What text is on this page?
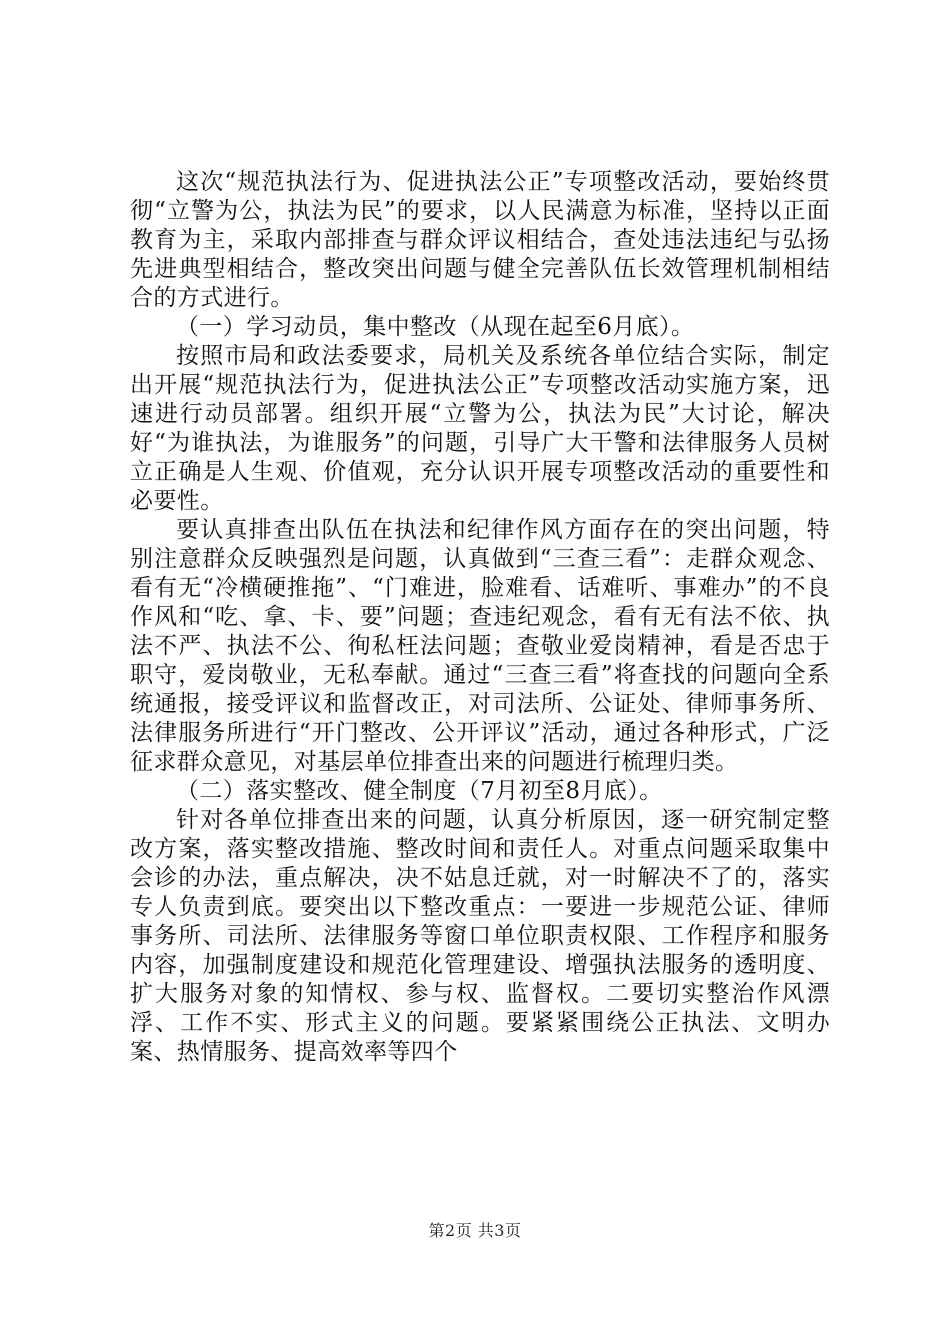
这次“规范执法行为、促进执法公正”专项整改活动，要始终贯彻“立警为公，执法为民”的要求，以人民满意为标准，坚持以正面教育为主，采取内部排查与群众评议相结合，查处违法违纪与弘扬先进典型相结合，整改突出问题与健全完善队伍长效管理机制相结合的方式进行。

（一）学习动员，集中整改（从现在起至6月底）。

按照市局和政法委要求，局机关及系统各单位结合实际，制定出开展“规范执法行为，促进执法公正”专项整改活动实施方案，迅速进行动员部署。组织开展“立警为公，执法为民”大讨论，解决好“为谁执法，为谁服务”的问题，引导广大干警和法律服务人员树立正确是人生观、价值观，充分认识开展专项整改活动的重要性和必要性。

要认真排查出队伍在执法和纪律作风方面存在的突出问题，特别注意群众反映强烈是问题，认真做到“三查三看”：走群众观念、看有无“冷横硬推拖”、“门难进，脸难看、话难听、事难办”的不良作风和“吃、拿、卡、要”问题；查违纪观念，看有无有法不依、执法不严、执法不公、徇私枉法问题；查敬业爱岗精神，看是否忠于职守，爱岗敬业，无私奉献。通过“三查三看”将查找的问题向全系统通报，接受评议和监督改正，对司法所、公证处、律师事务所、法律服务所进行“开门整改、公开评议”活动，通过各种形式，广泛征求群众意见，对基层单位排查出来的问题进行梳理归类。

（二）落实整改、健全制度（7月初至8月底）。

针对各单位排查出来的问题，认真分析原因，逐一研究制定整改方案，落实整改措施、整改时间和责任人。对重点问题采取集中会诊的办法，重点解决，决不姑息迁就，对一时解决不了的，落实专人负责到底。要突出以下整改重点：一要进一步规范公证、律师事务所、司法所、法律服务等窗口单位职责权限、工作程序和服务内容，加强制度建设和规范化管理建设、增强执法服务的透明度、扩大服务对象的知情权、参与权、监督权。二要切实整治作风漂浮、工作不实、形式主义的问题。要紧紧围绕公正执法、文明办案、热情服务、提高效率等四个

第2页 共3页
